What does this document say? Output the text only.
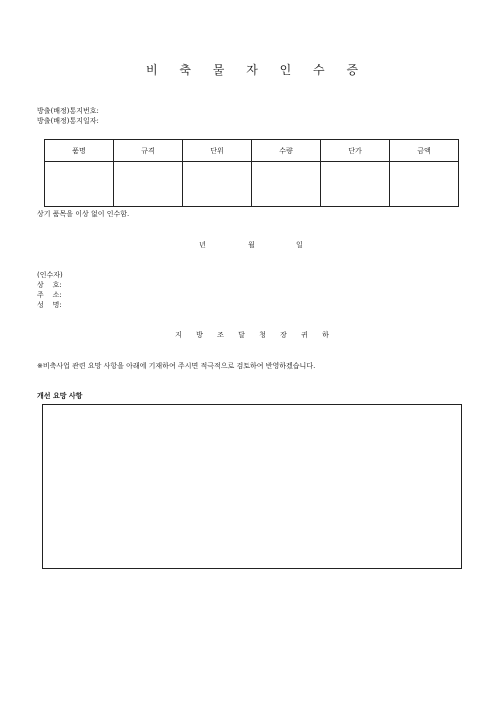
비 축 물 자 인 수 증
방출(배정)통지번호:
방출(배정)통지일자:
품명	규격	단위	수량	단가	금액

상기 품목을 이상 없이 인수함.
년	월	일
(인수자)
상    호:
주    소:
성    명:
지 방 조 달 청 장 귀 하
※비축사업 관련 요망 사항을 아래에 기재하여 주시면 적극적으로 검토하여 반영하겠습니다.
개선 요망 사항
